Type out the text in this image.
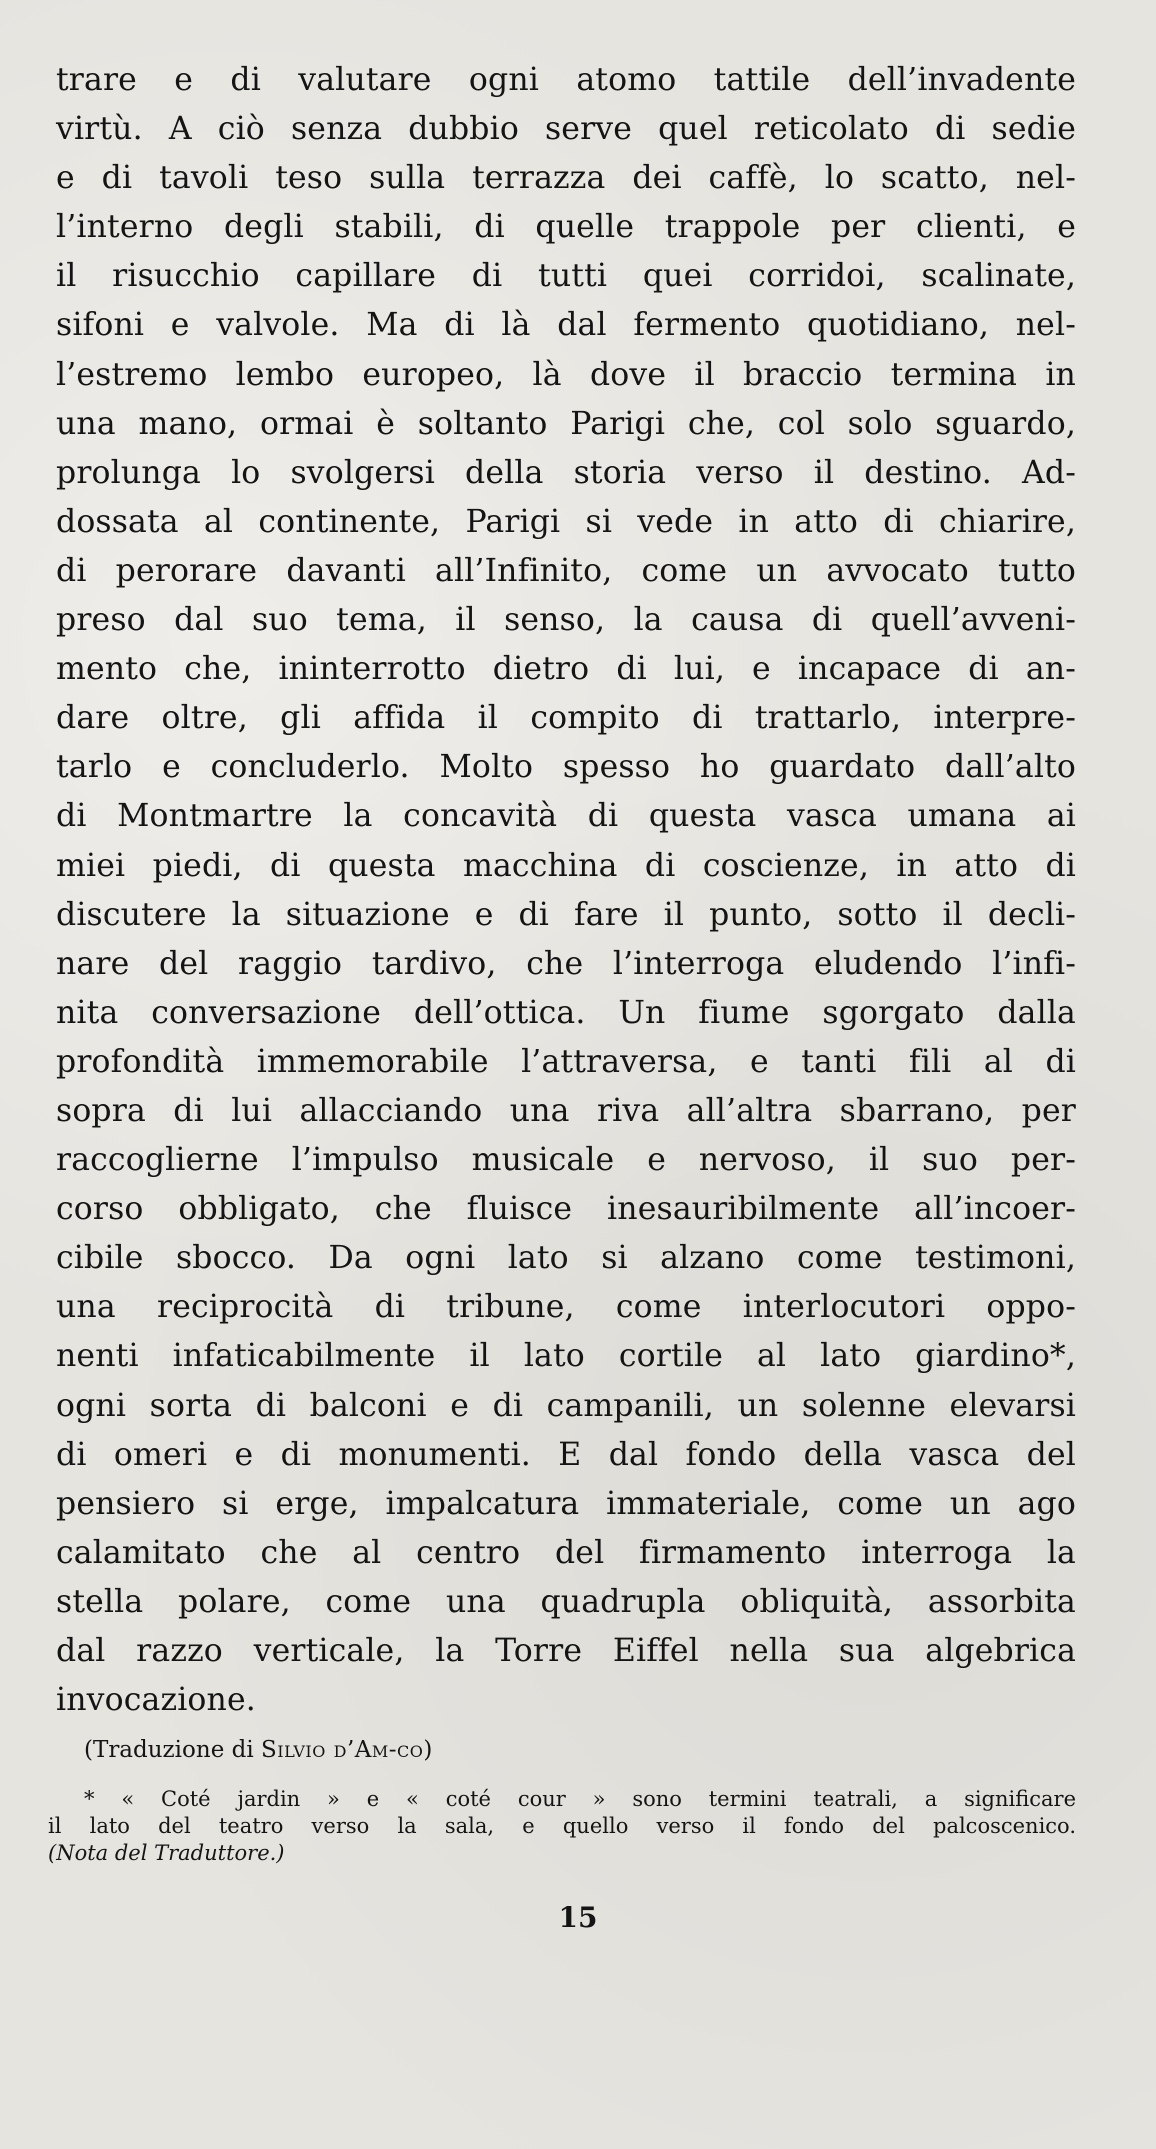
trare e di valutare ogni atomo tattile dell’invadente
virtù. A ciò senza dubbio serve quel reticolato di sedie
e di tavoli teso sulla terrazza dei caffè, lo scatto, nel-
l’interno degli stabili, di quelle trappole per clienti, e
il risucchio capillare di tutti quei corridoi, scalinate,
sifoni e valvole. Ma di là dal fermento quotidiano, nel-
l’estremo lembo europeo, là dove il braccio termina in
una mano, ormai è soltanto Parigi che, col solo sguardo,
prolunga lo svolgersi della storia verso il destino. Ad-
dossata al continente, Parigi si vede in atto di chiarire,
di perorare davanti all’Infinito, come un avvocato tutto
preso dal suo tema, il senso, la causa di quell’avveni-
mento che, ininterrotto dietro di lui, e incapace di an-
dare oltre, gli affida il compito di trattarlo, interpre-
tarlo e concluderlo. Molto spesso ho guardato dall’alto
di Montmartre la concavità di questa vasca umana ai
miei piedi, di questa macchina di coscienze, in atto di
discutere la situazione e di fare il punto, sotto il decli-
nare del raggio tardivo, che l’interroga eludendo l’infi-
nita conversazione dell’ottica. Un fiume sgorgato dalla
profondità immemorabile l’attraversa, e tanti fili al di
sopra di lui allacciando una riva all’altra sbarrano, per
raccoglierne l’impulso musicale e nervoso, il suo per-
corso obbligato, che fluisce inesauribilmente all’incoer-
cibile sbocco. Da ogni lato si alzano come testimoni,
una reciprocità di tribune, come interlocutori oppo-
nenti infaticabilmente il lato cortile al lato giardino*,
ogni sorta di balconi e di campanili, un solenne elevarsi
di omeri e di monumenti. E dal fondo della vasca del
pensiero si erge, impalcatura immateriale, come un ago
calamitato che al centro del firmamento interroga la
stella polare, come una quadrupla obliquità, assorbita
dal razzo verticale, la Torre Eiffel nella sua algebrica
invocazione.

(Traduzione di Silvio d’Am‑co)

* « Coté jardin » e « coté cour » sono termini teatrali, a significare
il lato del teatro verso la sala, e quello verso il fondo del palcoscenico.
(Nota del Traduttore.)

15
